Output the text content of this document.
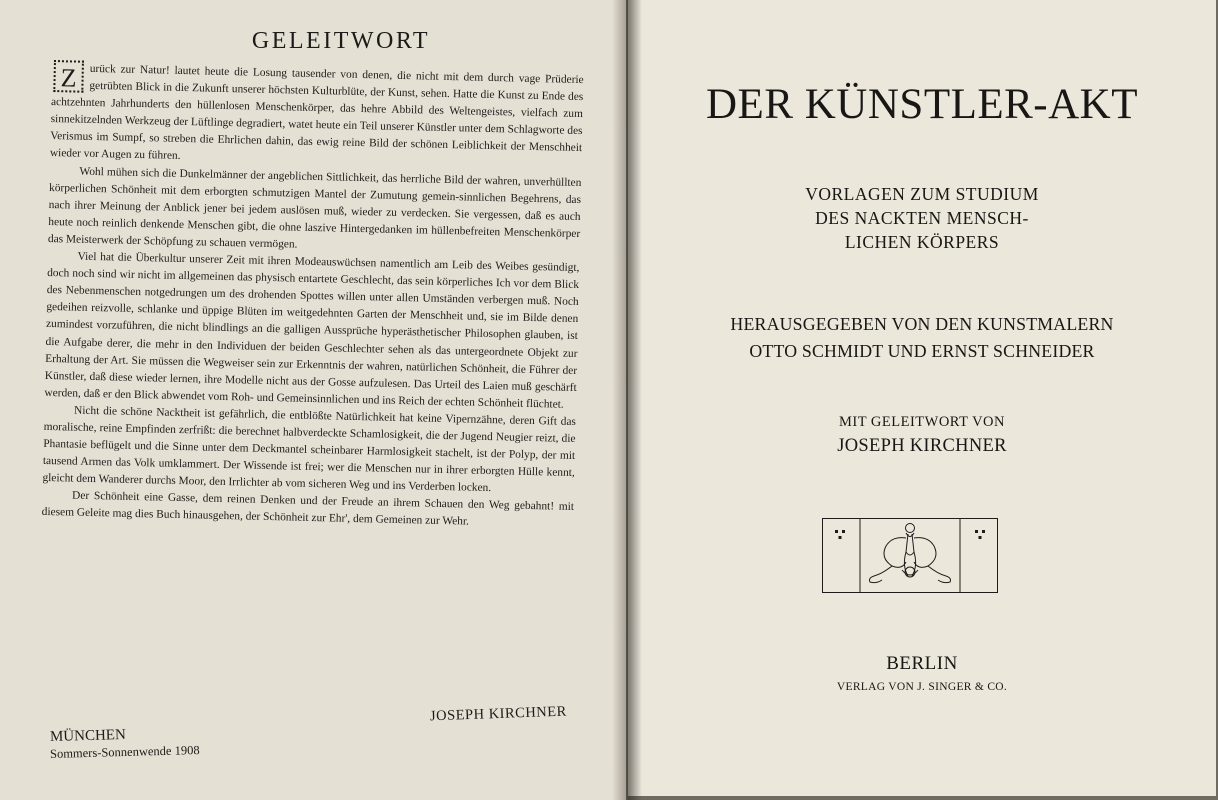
GELEITWORT

Z	urück zur Natur! lautet heute die Losung tausender von denen, die nicht mit dem durch vage Prüderie getrübten Blick in die Zukunft unserer höchsten Kulturblüte, der Kunst, sehen. Hatte die Kunst zu Ende des achtzehnten Jahrhunderts den hüllenlosen Menschenkörper, das hehre Abbild des Weltengeistes, vielfach zum sinnekitzelnden Werkzeug der Lüftlinge degradiert, watet heute ein Teil unserer Künstler unter dem Schlagworte des Verismus im Sumpf, so streben die Ehrlichen dahin, das ewig reine Bild der schönen Leiblichkeit der Menschheit wieder vor Augen zu führen.

Wohl mühen sich die Dunkelmänner der angeblichen Sittlichkeit, das herrliche Bild der wahren, unverhüllten körperlichen Schönheit mit dem erborgten schmutzigen Mantel der Zumutung gemein-sinnlichen Begehrens, das nach ihrer Meinung der Anblick jener bei jedem auslösen muß, wieder zu verdecken. Sie vergessen, daß es auch heute noch reinlich denkende Menschen gibt, die ohne laszive Hintergedanken im hüllenbefreiten Menschenkörper das Meisterwerk der Schöpfung zu schauen vermögen.

Viel hat die Überkultur unserer Zeit mit ihren Modeauswüchsen namentlich am Leib des Weibes gesündigt, doch noch sind wir nicht im allgemeinen das physisch entartete Geschlecht, das sein körperliches Ich vor dem Blick des Nebenmenschen notgedrungen um des drohenden Spottes willen unter allen Umständen verbergen muß. Noch gedeihen reizvolle, schlanke und üppige Blüten im weitgedehnten Garten der Menschheit und, sie im Bilde denen zumindest vorzuführen, die nicht blindlings an die galligen Aussprüche hyperästhetischer Philosophen glauben, ist die Aufgabe derer, die mehr in den Individuen der beiden Geschlechter sehen als das untergeordnete Objekt zur Erhaltung der Art. Sie müssen die Wegweiser sein zur Erkenntnis der wahren, natürlichen Schönheit, die Führer der Künstler, daß diese wieder lernen, ihre Modelle nicht aus der Gosse aufzulesen. Das Urteil des Laien muß geschärft werden, daß er den Blick abwendet vom Roh- und Gemeinsinnlichen und ins Reich der echten Schönheit flüchtet.

Nicht die schöne Nacktheit ist gefährlich, die entblößte Natürlichkeit hat keine Vipernzähne, deren Gift das moralische, reine Empfinden zerfrißt: die berechnet halbverdeckte Schamlosigkeit, die der Jugend Neugier reizt, die Phantasie beflügelt und die Sinne unter dem Deckmantel scheinbarer Harmlosigkeit stachelt, ist der Polyp, der mit tausend Armen das Volk umklammert. Der Wissende ist frei; wer die Menschen nur in ihrer erborgten Hülle kennt, gleicht dem Wanderer durchs Moor, den Irrlichter ab vom sicheren Weg und ins Verderben locken.

Der Schönheit eine Gasse, dem reinen Denken und der Freude an ihrem Schauen den Weg gebahnt! mit diesem Geleite mag dies Buch hinausgehen, der Schönheit zur Ehr', dem Gemeinen zur Wehr.

JOSEPH KIRCHNER
MÜNCHEN
Sommers-Sonnenwende 1908
DER KÜNSTLER-AKT
VORLAGEN ZUM STUDIUM
DES NACKTEN MENSCH-
LICHEN KÖRPERS
HERAUSGEGEBEN VON DEN KUNSTMALERN
OTTO SCHMIDT UND ERNST SCHNEIDER
MIT GELEITWORT VON
JOSEPH KIRCHNER
BERLIN
VERLAG VON J. SINGER & CO.
